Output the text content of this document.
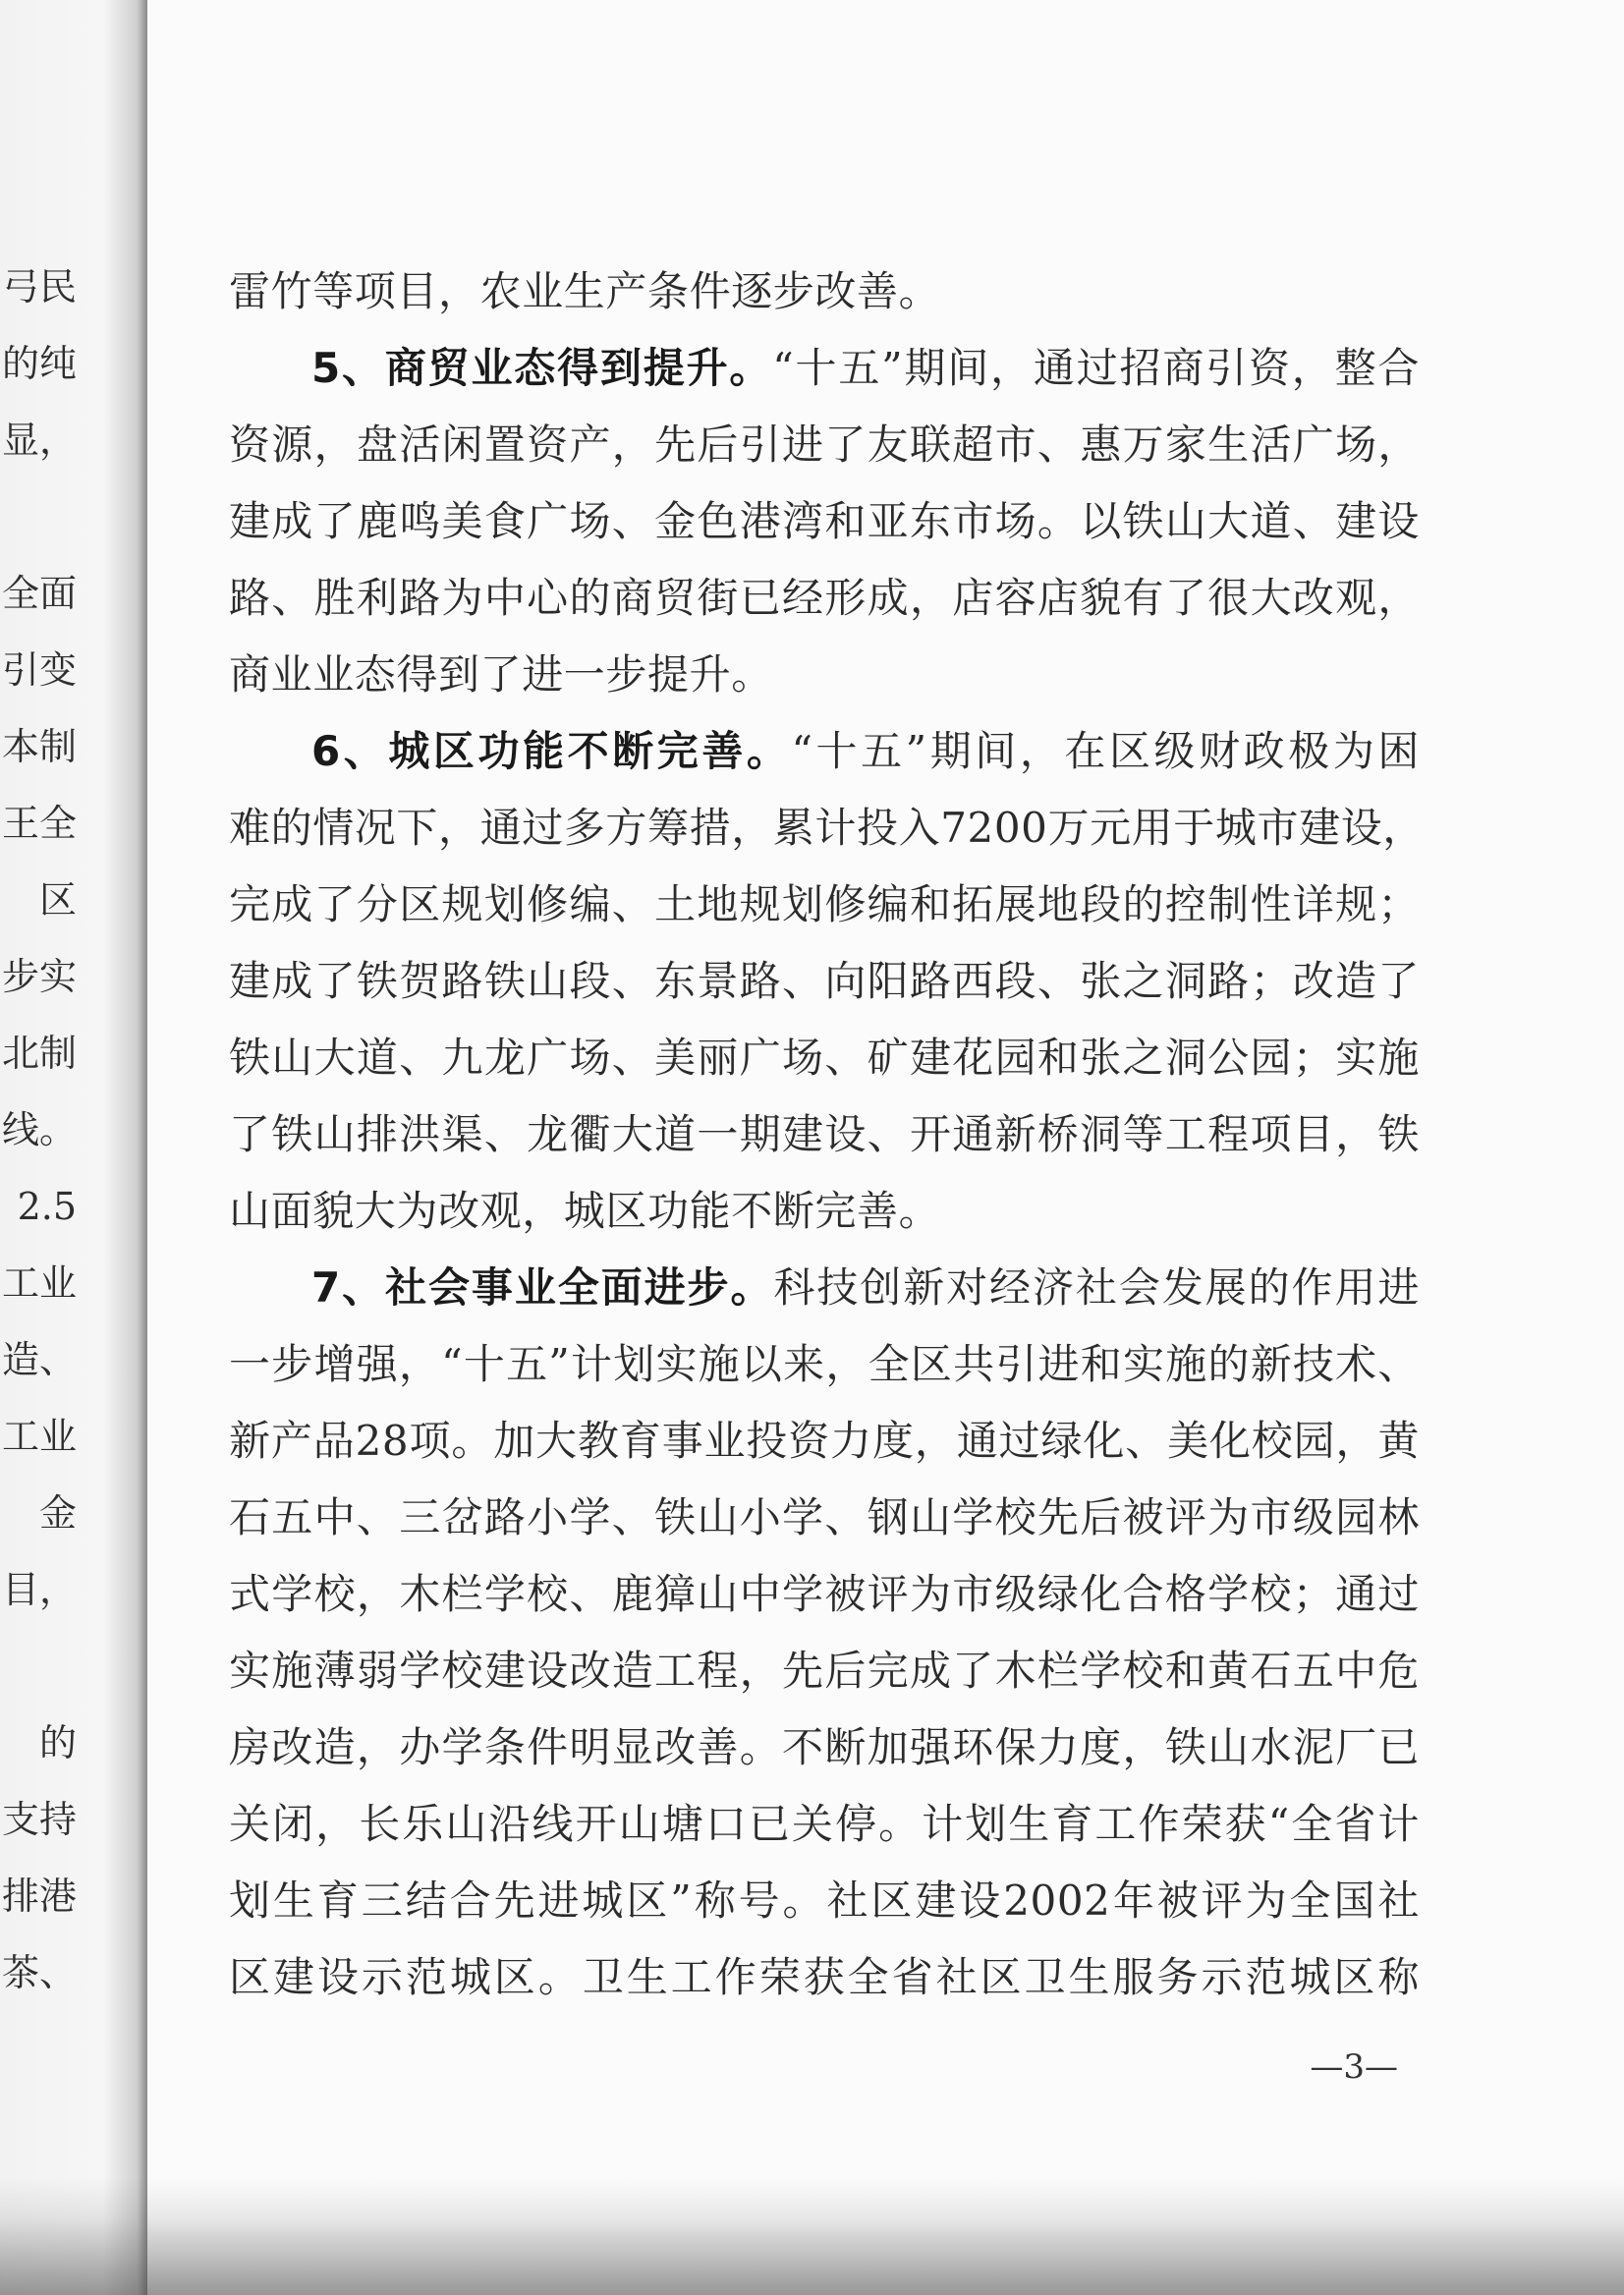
弓民
的纯
显，
全面
引变
本制
王全
区
步实
北制
线。
2.5
工业
造、
工业
金
目，
的
支持
排港
茶、
雷竹等项目，农业生产条件逐步改善。
5、商贸业态得到提升。“十五”期间，通过招商引资，整合
资源，盘活闲置资产，先后引进了友联超市、惠万家生活广场，
建成了鹿鸣美食广场、金色港湾和亚东市场。以铁山大道、建设
路、胜利路为中心的商贸街已经形成，店容店貌有了很大改观，
商业业态得到了进一步提升。
6、城区功能不断完善。“十五”期间，在区级财政极为困
难的情况下，通过多方筹措，累计投入7200万元用于城市建设，
完成了分区规划修编、土地规划修编和拓展地段的控制性详规；
建成了铁贺路铁山段、东景路、向阳路西段、张之洞路；改造了
铁山大道、九龙广场、美丽广场、矿建花园和张之洞公园；实施
了铁山排洪渠、龙衢大道一期建设、开通新桥洞等工程项目，铁
山面貌大为改观，城区功能不断完善。
7、社会事业全面进步。科技创新对经济社会发展的作用进
一步增强，“十五”计划实施以来，全区共引进和实施的新技术、
新产品28项。加大教育事业投资力度，通过绿化、美化校园，黄
石五中、三岔路小学、铁山小学、钢山学校先后被评为市级园林
式学校，木栏学校、鹿獐山中学被评为市级绿化合格学校；通过
实施薄弱学校建设改造工程，先后完成了木栏学校和黄石五中危
房改造，办学条件明显改善。不断加强环保力度，铁山水泥厂已
关闭，长乐山沿线开山塘口已关停。计划生育工作荣获“全省计
划生育三结合先进城区”称号。社区建设2002年被评为全国社
区建设示范城区。卫生工作荣获全省社区卫生服务示范城区称
—3—
